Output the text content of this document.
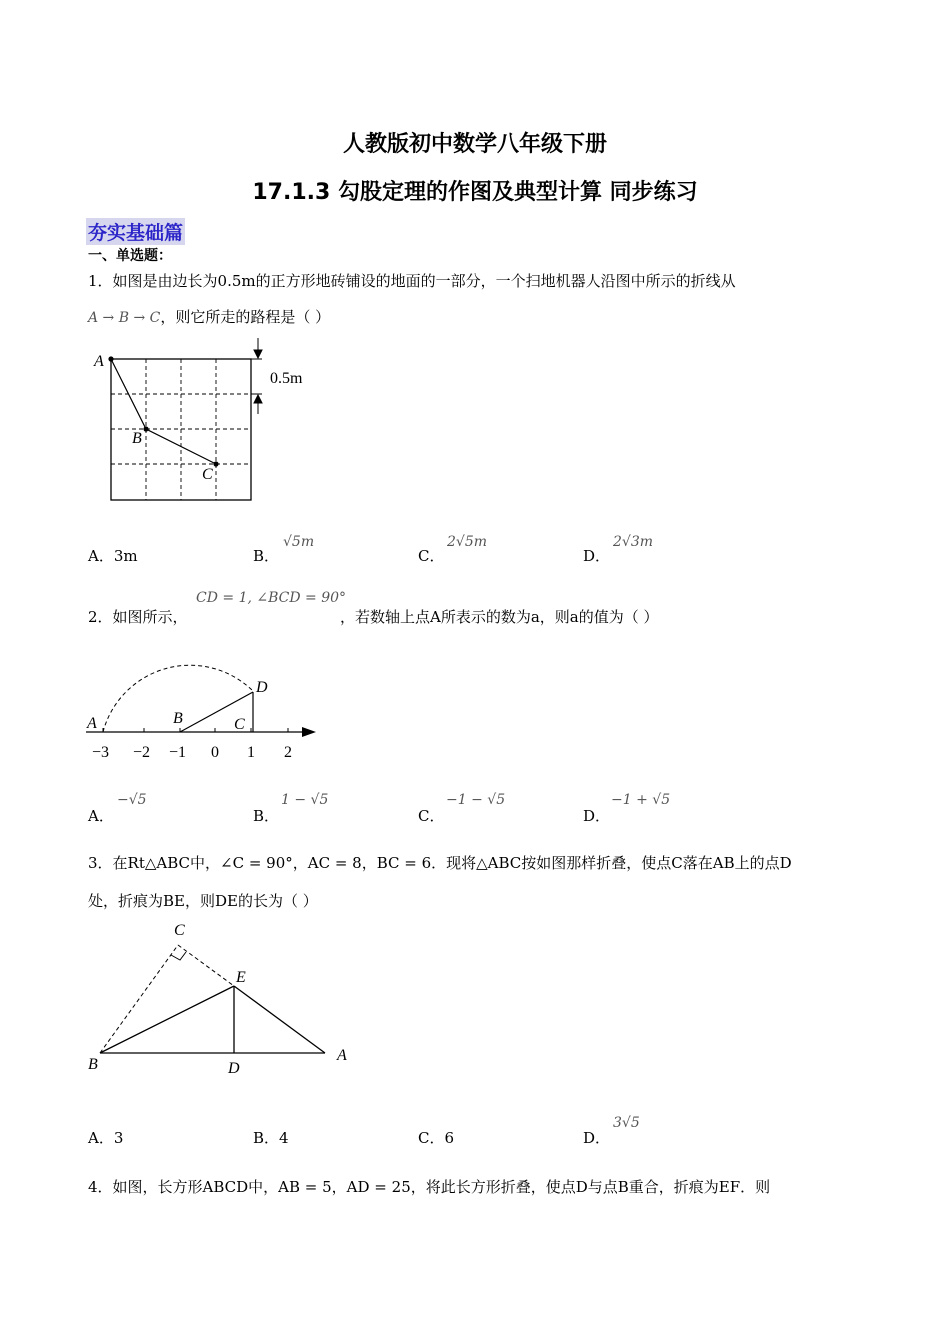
人教版初中数学八年级下册
17.1.3 勾股定理的作图及典型计算 同步练习
夯实基础篇
一、单选题：
1．如图是由边长为0.5m的正方形地砖铺设的地面的一部分，一个扫地机器人沿图中所示的折线从
A → B → C，则它所走的路程是（ ）
A
B
C
0.5m
A．3m	B．
√5m
C．
2√5m
D．
2√3m
2．如图所示，
CD = 1, ∠BCD = 90°
，若数轴上点A所表示的数为a，则a的值为（ ）
A	B	C
D
−3 −2 −1 0 1 2
A．
−√5
B．
1 − √5
C．
−1 − √5
D．
−1 + √5
3．在Rt△ABC中，∠C = 90°，AC = 8，BC = 6．现将△ABC按如图那样折叠，使点C落在AB上的点D
处，折痕为BE，则DE的长为（ ）
C
E
B	D
A
A．3	B．4	C．6	D．
3√5
4．如图，长方形ABCD中，AB = 5，AD = 25，将此长方形折叠，使点D与点B重合，折痕为EF．则
